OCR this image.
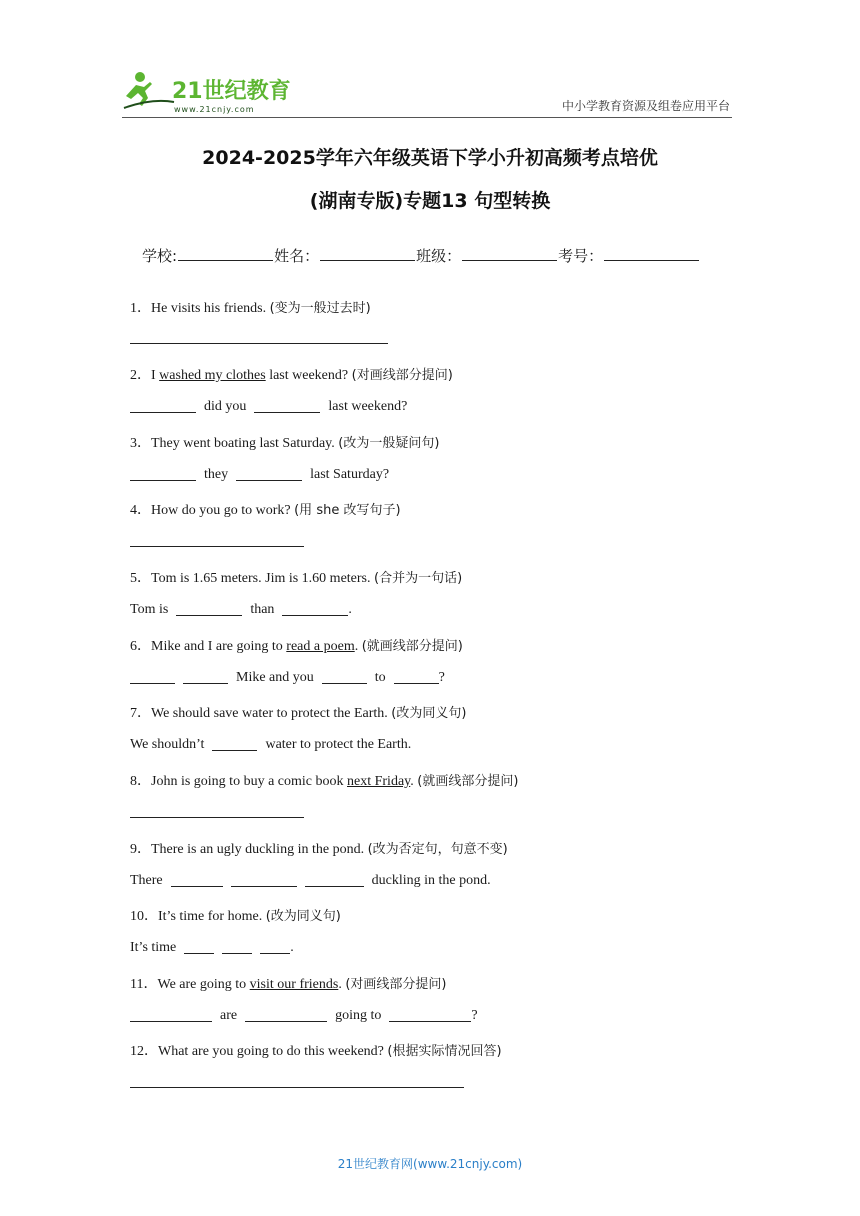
21世纪教育
www.21cnjy.com	中小学教育资源及组卷应用平台
2024-2025学年六年级英语下学小升初高频考点培优
(湖南专版)专题13 句型转换
学校:	姓名：	班级：	考号：
1．He visits his friends. (变为一般过去时)
2．I washed my clothes last weekend? (对画线部分提问)
did you	last weekend?
3．They went boating last Saturday. (改为一般疑问句)
they	last Saturday?
4．How do you go to work? (用 she 改写句子)
5．Tom is 1.65 meters. Jim is 1.60 meters. (合并为一句话)
Tom is	than	.
6．Mike and I are going to read a poem. (就画线部分提问)
Mike and you	to	?
7．We should save water to protect the Earth. (改为同义句)
We shouldn’t	water to protect the Earth.
8．John is going to buy a comic book next Friday. (就画线部分提问)
9．There is an ugly duckling in the pond. (改为否定句，句意不变)
There	duckling in the pond.
10．It’s time for home. (改为同义句)
It’s time	.
11．We are going to visit our friends. (对画线部分提问)
are	going to	?
12．What are you going to do this weekend? (根据实际情况回答)
21世纪教育网(www.21cnjy.com)
